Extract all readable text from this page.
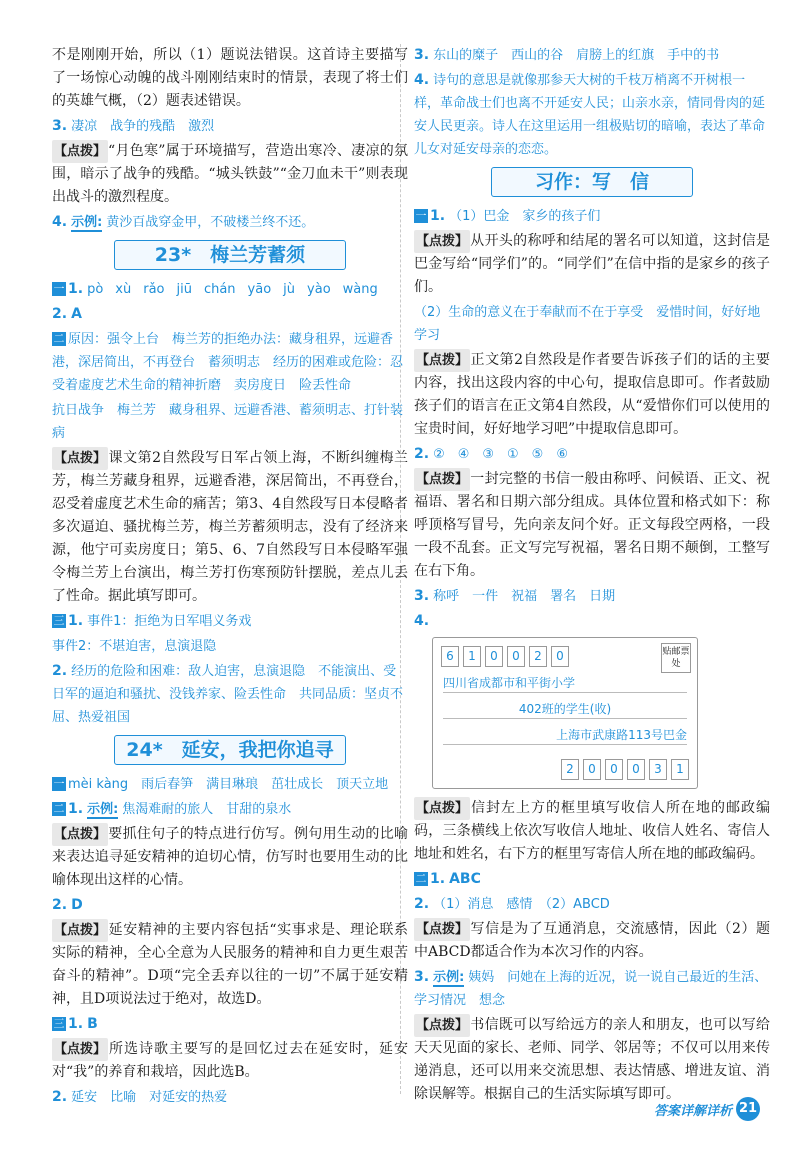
不是刚刚开始，所以（1）题说法错误。这首诗主要描写了一场惊心动魄的战斗刚刚结束时的情景，表现了将士们的英雄气概，（2）题表述错误。
3. 凄凉　战争的残酷　激烈
【点拨】 “月色寒”属于环境描写，营造出寒冷、凄凉的氛围，暗示了战争的残酷。“城头铁鼓”“金刀血未干”则表现出战斗的激烈程度。
4. 示例: 黄沙百战穿金甲，不破楼兰终不还。
23*　梅兰芳蓄须
一 1. pò xù rǎo jiū chán yāo jù yào wàng
2. A
二 原因：强令上台　梅兰芳的拒绝办法：藏身租界，远避香港，深居简出，不再登台　蓄须明志　经历的困难或危险：忍受着虚度艺术生命的精神折磨　卖房度日　险丢性命
抗日战争　梅兰芳　藏身租界、远避香港、蓄须明志、打针装病
【点拨】 课文第2自然段写日军占领上海，不断纠缠梅兰芳，梅兰芳藏身租界，远避香港，深居简出，不再登台，忍受着虚度艺术生命的痛苦；第3、4自然段写日本侵略者多次逼迫、骚扰梅兰芳，梅兰芳蓄须明志，没有了经济来源，他宁可卖房度日；第5、6、7自然段写日本侵略军强令梅兰芳上台演出，梅兰芳打伤寒预防针摆脱，差点儿丢了性命。据此填写即可。
三 1. 事件1：拒绝为日军唱义务戏
事件2：不堪迫害，息演退隐
2. 经历的危险和困难：敌人迫害，息演退隐　不能演出、受日军的逼迫和骚扰、没钱养家、险丢性命　共同品质：坚贞不屈、热爱祖国
24*　延安，我把你追寻
一 mèi kàng　雨后春笋　满目琳琅　茁壮成长　顶天立地
二 1. 示例: 焦渴难耐的旅人　甘甜的泉水
【点拨】 要抓住句子的特点进行仿写。例句用生动的比喻来表达追寻延安精神的迫切心情，仿写时也要用生动的比喻体现出这样的心情。
2. D
【点拨】 延安精神的主要内容包括“实事求是、理论联系实际的精神，全心全意为人民服务的精神和自力更生艰苦奋斗的精神”。D项“完全丢弃以往的一切”不属于延安精神，且D项说法过于绝对，故选D。
三 1. B
【点拨】 所选诗歌主要写的是回忆过去在延安时，延安对“我”的养育和栽培，因此选B。
2. 延安　比喻　对延安的热爱
3. 东山的糜子　西山的谷　肩膀上的红旗　手中的书
4. 诗句的意思是就像那参天大树的千枝万梢离不开树根一样，革命战士们也离不开延安人民；山亲水亲，情同骨肉的延安人民更亲。诗人在这里运用一组极贴切的暗喻，表达了革命儿女对延安母亲的恋恋。
习作：写　信
一 1. （1）巴金　家乡的孩子们
【点拨】 从开头的称呼和结尾的署名可以知道，这封信是巴金写给“同学们”的。“同学们”在信中指的是家乡的孩子们。
（2）生命的意义在于奉献而不在于享受　爱惜时间，好好地学习
【点拨】 正文第2自然段是作者要告诉孩子们的话的主要内容，找出这段内容的中心句，提取信息即可。作者鼓励孩子们的语言在正文第4自然段，从“爱惜你们可以使用的宝贵时间，好好地学习吧”中提取信息即可。
2. ②　④　③　①　⑤　⑥
【点拨】 一封完整的书信一般由称呼、问候语、正文、祝福语、署名和日期六部分组成。具体位置和格式如下：称呼顶格写冒号，先向亲友问个好。正文每段空两格，一段一段不乱套。正文写完写祝福，署名日期不颠倒，工整写在右下角。
3. 称呼　一件　祝福　署名　日期
4.
6	1	0	0	2	0	贴邮票处
四川省成都市和平街小学
402班的学生(收)
上海市武康路113号巴金
2	0	0	0	3	1
【点拨】 信封左上方的框里填写收信人所在地的邮政编码，三条横线上依次写收信人地址、收信人姓名、寄信人地址和姓名，右下方的框里写寄信人所在地的邮政编码。
二 1. ABC
2. （1）消息　感情　（2）ABCD
【点拨】 写信是为了互通消息，交流感情，因此（2）题中ABCD都适合作为本次习作的内容。
3. 示例: 姨妈　问她在上海的近况，说一说自己最近的生活、学习情况　想念
【点拨】 书信既可以写给远方的亲人和朋友，也可以写给天天见面的家长、老师、同学、邻居等；不仅可以用来传递消息，还可以用来交流思想、表达情感、增进友谊、消除误解等。根据自己的生活实际填写即可。
答案详解详析 21
